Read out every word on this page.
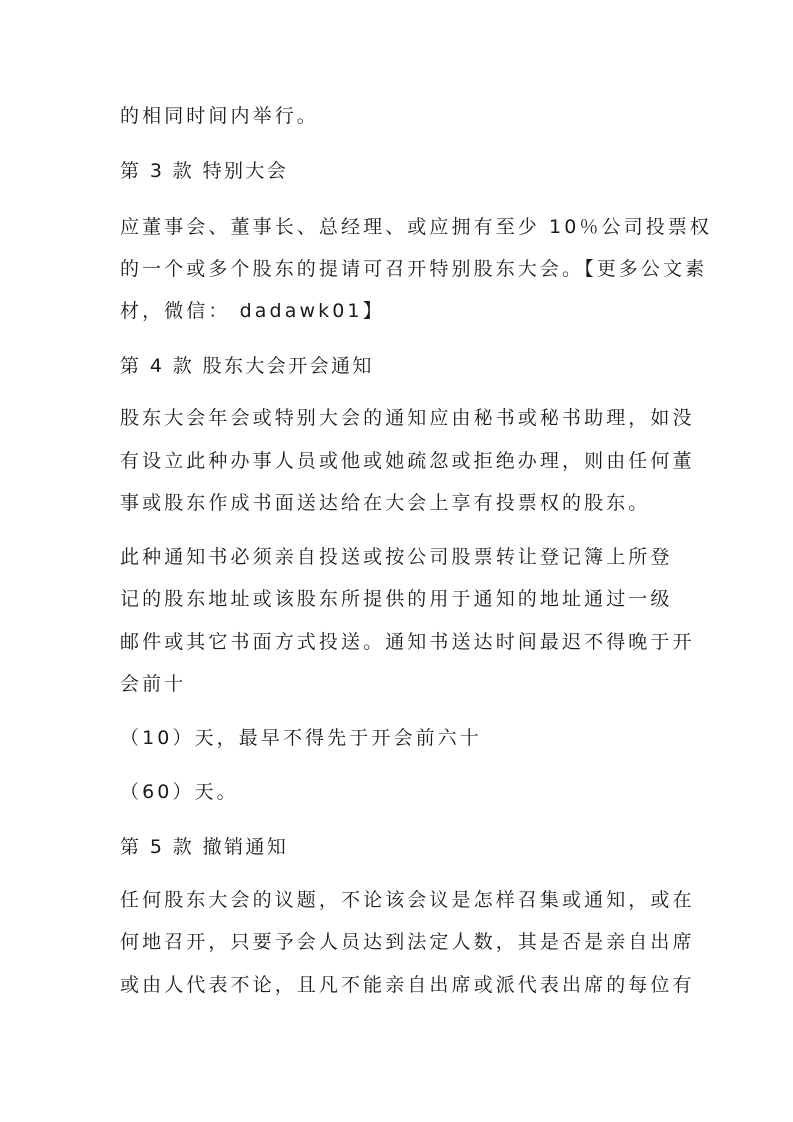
的相同时间内举行。

第 3 款 特别大会

应董事会、董事长、总经理、或应拥有至少 10％公司投票权

的一个或多个股东的提请可召开特别股东大会。【更多公文素

材，微信： dadawk01】

第 4 款 股东大会开会通知

股东大会年会或特别大会的通知应由秘书或秘书助理，如没

有设立此种办事人员或他或她疏忽或拒绝办理，则由任何董

事或股东作成书面送达给在大会上享有投票权的股东。

此种通知书必须亲自投送或按公司股票转让登记簿上所登

记的股东地址或该股东所提供的用于通知的地址通过一级

邮件或其它书面方式投送。通知书送达时间最迟不得晚于开

会前十

（10）天，最早不得先于开会前六十

（60）天。

第 5 款 撤销通知

任何股东大会的议题，不论该会议是怎样召集或通知，或在

何地召开，只要予会人员达到法定人数，其是否是亲自出席

或由人代表不论，且凡不能亲自出席或派代表出席的每位有
